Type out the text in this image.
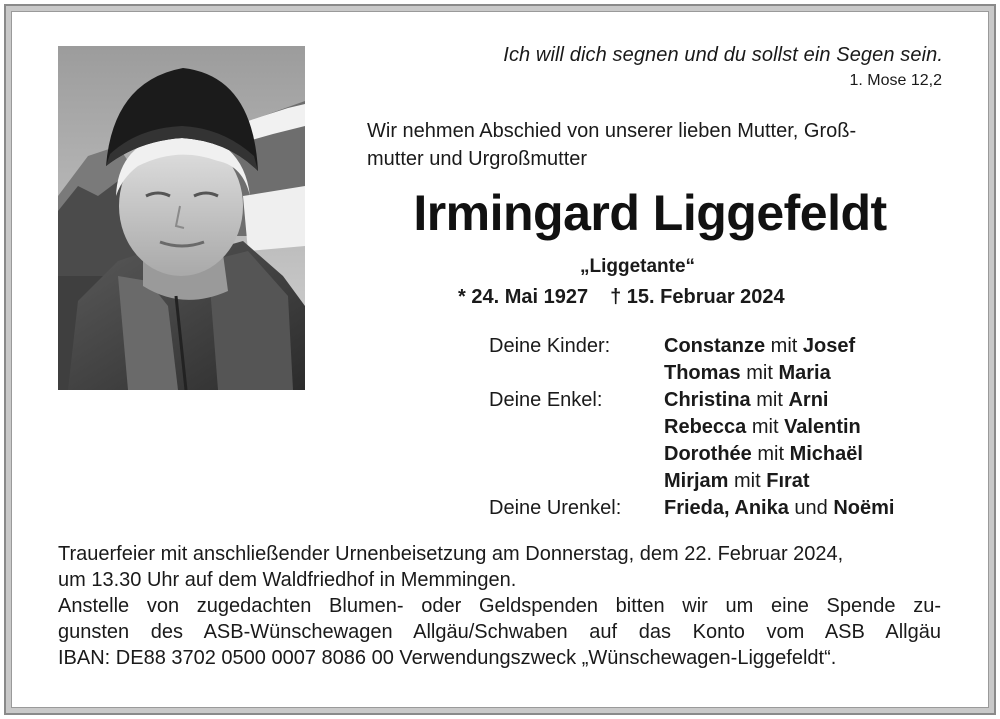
Ich will dich segnen und du sollst ein Segen sein.
1. Mose 12,2
Wir nehmen Abschied von unserer lieben Mutter, Groß-
mutter und Urgroßmutter
Irmingard Liggefeldt
„Liggetante“
* 24. Mai 1927 † 15. Februar 2024
Deine Kinder:	Constanze mit Josef
Thomas mit Maria
Deine Enkel:	Christina mit Arni
Rebecca mit Valentin
Dorothée mit Michaël
Mirjam mit Fırat
Deine Urenkel:	Frieda, Anika und Noëmi

Trauerfeier mit anschließender Urnenbeisetzung am Donnerstag, dem 22. Februar 2024,

um 13.30 Uhr auf dem Waldfriedhof in Memmingen.

Anstelle von zugedachten Blumen- oder Geldspenden bitten wir um eine Spende zu-

gunsten des ASB-Wünschewagen Allgäu/Schwaben auf das Konto vom ASB Allgäu

IBAN: DE88 3702 0500 0007 8086 00 Verwendungszweck „Wünschewagen-Liggefeldt“.
